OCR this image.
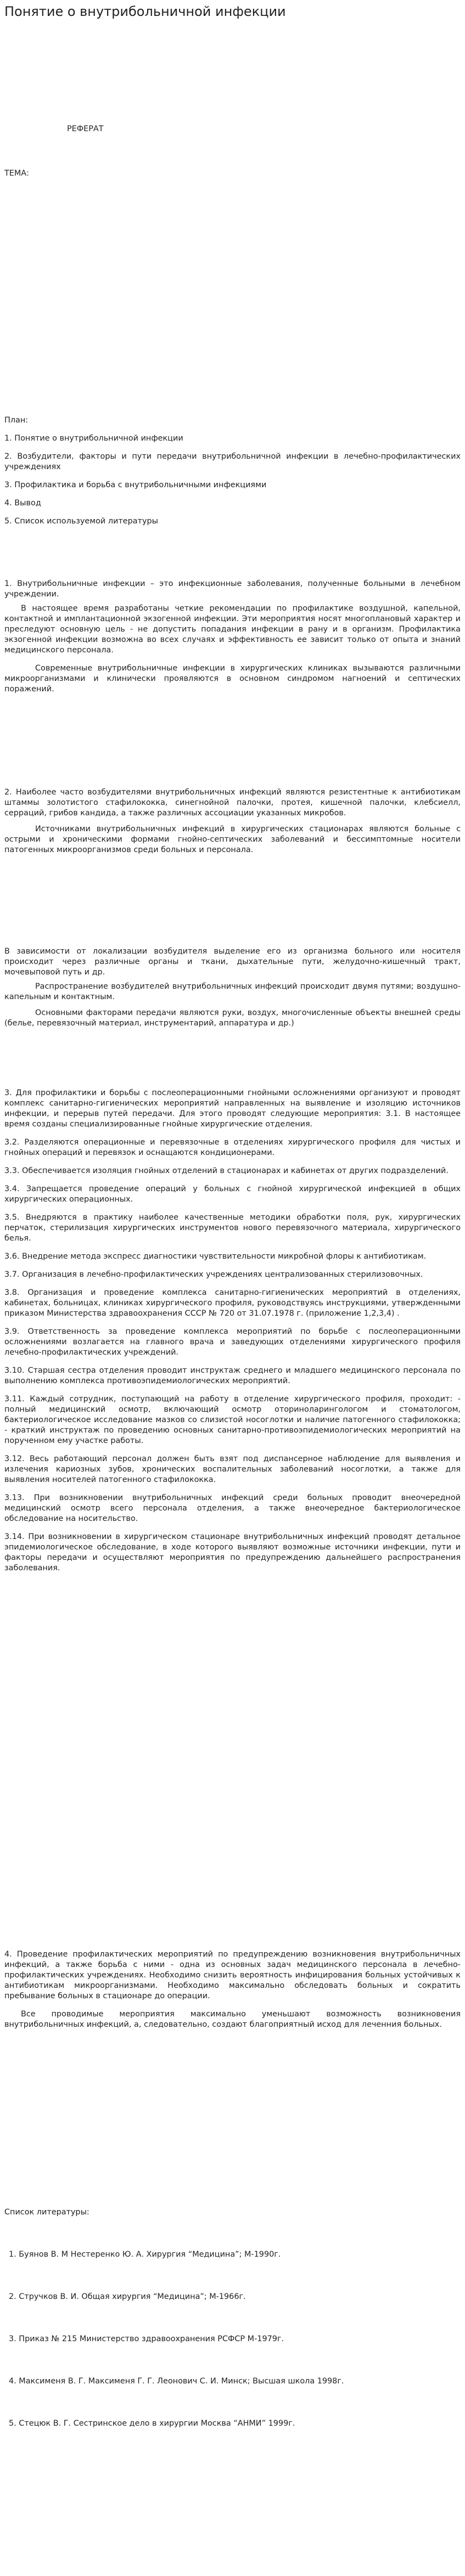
Понятие о внутрибольничной инфекции

РЕФЕРАТ

ТЕМА:

План:

1. Понятие о внутрибольничной инфекции

2. Возбудители, факторы и пути передачи внутрибольничной инфекции в лечебно-профилактических учреждениях

3. Профилактика и борьба с внутрибольничными инфекциями

4. Вывод

5. Список используемой литературы

1. Внутрибольничные инфекции – это инфекционные заболевания, полученные больными в лечебном учреждении.

В настоящее время разработаны четкие рекомендации по профилактике воздушной, капельной, контактной и имплантационной экзогенной инфекции. Эти мероприятия носят многоплановый характер и преследуют основную цель - не допустить попадания инфекции в рану и в организм. Профилактика экзогенной инфекции возможна во всех случаях и эффективность ее зависит только от опыта и знаний медицинского персонала.

Современные внутрибольничные инфекции в хирургических клиниках вызываются различными микроорганизмами и клинически проявляются в основном синдромом нагноений и септических поражений.

2. Наиболее часто возбудителями внутрибольничных инфекций являются резистентные к антибиотикам штаммы золотистого стафилококка, синегнойной палочки, протея, кишечной палочки, клебсиелл, серраций, грибов кандида, а также различных ассоциации указанных микробов.

Источниками внутрибольничных инфекций в хирургических стационарах являются больные с острыми и хроническими формами гнойно-септических заболеваний и бессимптомные носители патогенных микроорганизмов среди больных и персонала.

В зависимости от локализации возбудителя выделение его из организма больного или носителя происходит через различные органы и ткани, дыхательные пути, желудочно-кишечный тракт, мочевыповой путь и др.

Распространение возбудителей внутрибольничных инфекций происходит двумя путями; воздушно-капельным и контактным.

Основными факторами передачи являются руки, воздух, многочисленные объекты внешней среды (белье, перевязочный материал, инструментарий, аппаратура и др.)

3. Для профилактики и борьбы с послеоперационными гнойными осложнениями организуют и проводят комплекс санитарно-гигиенических мероприятий направленных на выявление и изоляцию источников инфекции, и перерыв путей передачи. Для этого проводят следующие мероприятия: 3.1. В настоящее время созданы специализированные гнойные хирургические отделения.

3.2. Разделяются операционные и перевязочные в отделениях хирургического профиля для чистых и гнойных операций и перевязок и оснащаются кондиционерами.

3.3. Обеспечивается изоляция гнойных отделений в стационарах и кабинетах от других подразделений.

3.4. Запрещается проведение операций у больных с гнойной хирургической инфекцией в общих хирургических операционных.

3.5. Внедряются в практику наиболее качественные методики обработки поля, рук, хирургических перчаток, стерилизация хирургических инструментов нового перевязочного материала, хирургического белья.

3.6. Внедрение метода экспресс диагностики чувствительности микробной флоры к антибиотикам.

3.7. Организация в лечебно-профилактических учреждениях централизованных стерилизовочных.

3.8. Организация и проведение комплекса санитарно-гигиенических мероприятий в отделениях, кабинетах, больницах, клиниках хирургического профиля, руководствуясь инструкциями, утвержденными приказом Министерства здравоохранения СССР № 720 от 31.07.1978 г. (приложение 1,2,3,4) .

3.9. Ответственность за проведение комплекса мероприятий по борьбе с послеоперационными осложнениями возлагается на главного врача и заведующих отделениями хирургического профиля лечебно-профилактических учреждений.

3.10. Старшая сестра отделения проводит инструктаж среднего и младшего медицинского персонала по выполнению комплекса противоэпидемиологических мероприятий.

3.11. Каждый сотрудник, поступающий на работу в отделение хирургического профиля, проходит: - полный медицинский осмотр, включающий осмотр оториноларингологом и стоматологом, бактериологическое исследование мазков со слизистой носоглотки и наличие патогенного стафилококка; - краткий инструктаж по проведению основных санитарно-противоэпидемиологических мероприятий на порученном ему участке работы.

3.12. Весь работающий персонал должен быть взят под диспансерное наблюдение для выявления и излечения кариозных зубов, хронических воспалительных заболеваний носоглотки, а также для выявления носителей патогенного стафилококка.

3.13. При возникновении внутрибольничных инфекций среди больных проводит внеочередной медицинский осмотр всего персонала отделения, а также внеочередное бактериологическое обследование на носительство.

3.14. При возникновении в хирургическом стационаре внутрибольничных инфекций проводят детальное эпидемиологическое обследование, в ходе которого выявляют возможные источники инфекции, пути и факторы передачи и осуществляют мероприятия по предупреждению дальнейшего распространения заболевания.

4. Проведение профилактических мероприятий по предупреждению возникновения внутрибольничных инфекций, а также борьба с ними - одна из основных задач медицинского персонала в лечебно-профилактических учреждениях. Необходимо снизить вероятность инфицирования больных устойчивых к антибиотикам микроорганизмами. Необходимо максимально обследовать больных и сократить пребывание больных в стационаре до операции.

Все проводимые мероприятия максимально уменьшают возможность возникновения внутрибольничных инфекций, а, следовательно, создают благоприятный исход для леченния больных.

Список литературы:

1. Буянов В. М Нестеренко Ю. А. Хирургия “Медицина”; М-1990г.

2. Стручков В. И. Общая хирургия “Медицина”; М-1966г.

3. Приказ № 215 Министерство здравоохранения РСФСР М-1979г.

4. Максименя В. Г. Максименя Г. Г. Леонович С. И. Минск; Высшая школа 1998г.

5. Стецюк В. Г. Сестринское дело в хирургии Москва “АНМИ” 1999г.
